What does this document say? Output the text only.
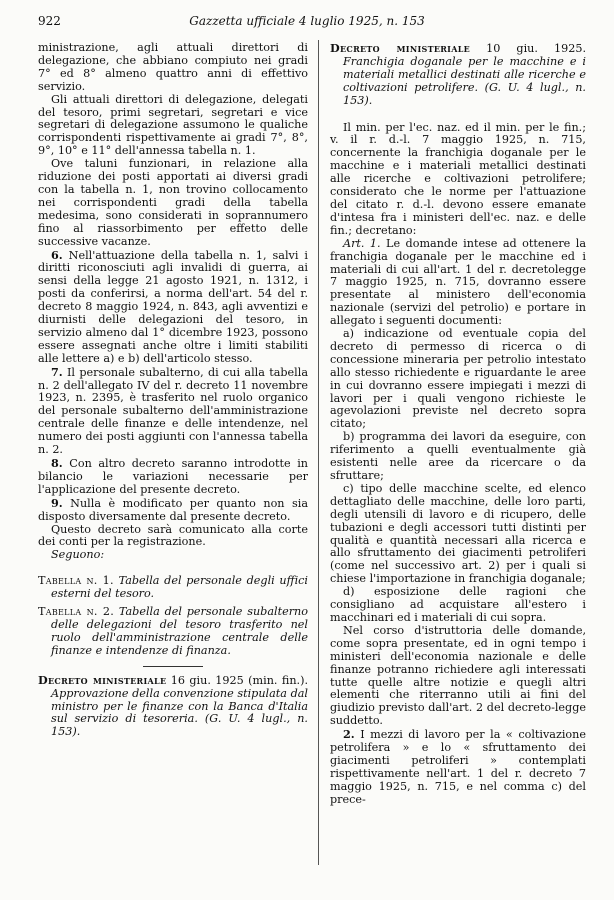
922	Gazzetta ufficiale 4 luglio 1925, n. 153

ministrazione, agli attuali direttori di delegazione, che abbiano compiuto nei gradi 7° ed 8° almeno quattro anni di effettivo servizio.

Gli attuali direttori di delegazione, delegati del tesoro, primi segretari, segretari e vice segretari di delegazione assumono le qualiche corrispondenti rispettivamente ai gradi 7°, 8°, 9°, 10° e 11° dell'annessa tabella n. 1.

Ove taluni funzionari, in relazione alla riduzione dei posti apportati ai diversi gradi con la tabella n. 1, non trovino collocamento nei corrispondenti gradi della tabella medesima, sono considerati in soprannumero fino al riassorbimento per effetto delle successive vacanze.

6. Nell'attuazione della tabella n. 1, salvi i diritti riconosciuti agli invalidi di guerra, ai sensi della legge 21 agosto 1921, n. 1312, i posti da conferirsi, a norma dell'art. 54 del r. decreto 8 maggio 1924, n. 843, agli avventizi e diurnisti delle delegazioni del tesoro, in servizio almeno dal 1° dicembre 1923, possono essere assegnati anche oltre i limiti stabiliti alle lettere a) e b) dell'articolo stesso.

7. Il personale subalterno, di cui alla tabella n. 2 dell'allegato IV del r. decreto 11 novembre 1923, n. 2395, è trasferito nel ruolo organico del personale subalterno dell'amministrazione centrale delle finanze e delle intendenze, nel numero dei posti aggiunti con l'annessa tabella n. 2.

8. Con altro decreto saranno introdotte in bilancio le variazioni necessarie per l'applicazione del presente decreto.

9. Nulla è modificato per quanto non sia disposto diversamente dal presente decreto.

Questo decreto sarà comunicato alla corte dei conti per la registrazione.

Seguono:

Tabella n. 1. Tabella del personale degli uffici esterni del tesoro.

Tabella n. 2. Tabella del personale subalterno delle delegazioni del tesoro trasferito nel ruolo dell'amministrazione centrale delle finanze e intendenze di finanza.

Decreto ministeriale 16 giu. 1925 (min. fin.). Approvazione della convenzione stipulata dal ministro per le finanze con la Banca d'Italia sul servizio di tesoreria. (G. U. 4 lugl., n. 153).

Decreto ministeriale 10 giu. 1925. Franchigia doganale per le macchine e i materiali metallici destinati alle ricerche e coltivazioni petrolifere. (G. U. 4 lugl., n. 153).

Il min. per l'ec. naz. ed il min. per le fin.; v. il r. d.-l. 7 maggio 1925, n. 715, concernente la franchigia doganale per le macchine e i materiali metallici destinati alle ricerche e coltivazioni petrolifere; considerato che le norme per l'attuazione del citato r. d.-l. devono essere emanate d'intesa fra i ministeri dell'ec. naz. e delle fin.; decretano:

Art. 1. Le domande intese ad ottenere la franchigia doganale per le macchine ed i materiali di cui all'art. 1 del r. decretolegge 7 maggio 1925, n. 715, dovranno essere presentate al ministero dell'economia nazionale (servizi del petrolio) e portare in allegato i seguenti documenti:

a) indicazione od eventuale copia del decreto di permesso di ricerca o di concessione mineraria per petrolio intestato allo stesso richiedente e riguardante le aree in cui dovranno essere impiegati i mezzi di lavori per i quali vengono richieste le agevolazioni previste nel decreto sopra citato;

b) programma dei lavori da eseguire, con riferimento a quelli eventualmente già esistenti nelle aree da ricercare o da sfruttare;

c) tipo delle macchine scelte, ed elenco dettagliato delle macchine, delle loro parti, degli utensili di lavoro e di ricupero, delle tubazioni e degli accessori tutti distinti per qualità e quantità necessari alla ricerca e allo sfruttamento dei giacimenti petroliferi (come nel successivo art. 2) per i quali si chiese l'importazione in franchigia doganale;

d) esposizione delle ragioni che consigliano ad acquistare all'estero i macchinari ed i materiali di cui sopra.

Nel corso d'istruttoria delle domande, come sopra presentate, ed in ogni tempo i ministeri dell'economia nazionale e delle finanze potranno richiedere agli interessati tutte quelle altre notizie e quegli altri elementi che riterranno utili ai fini del giudizio previsto dall'art. 2 del decreto-legge suddetto.

2. I mezzi di lavoro per la « coltivazione petrolifera » e lo « sfruttamento dei giacimenti petroliferi » contemplati rispettivamente nell'art. 1 del r. decreto 7 maggio 1925, n. 715, e nel comma c) del prece-
